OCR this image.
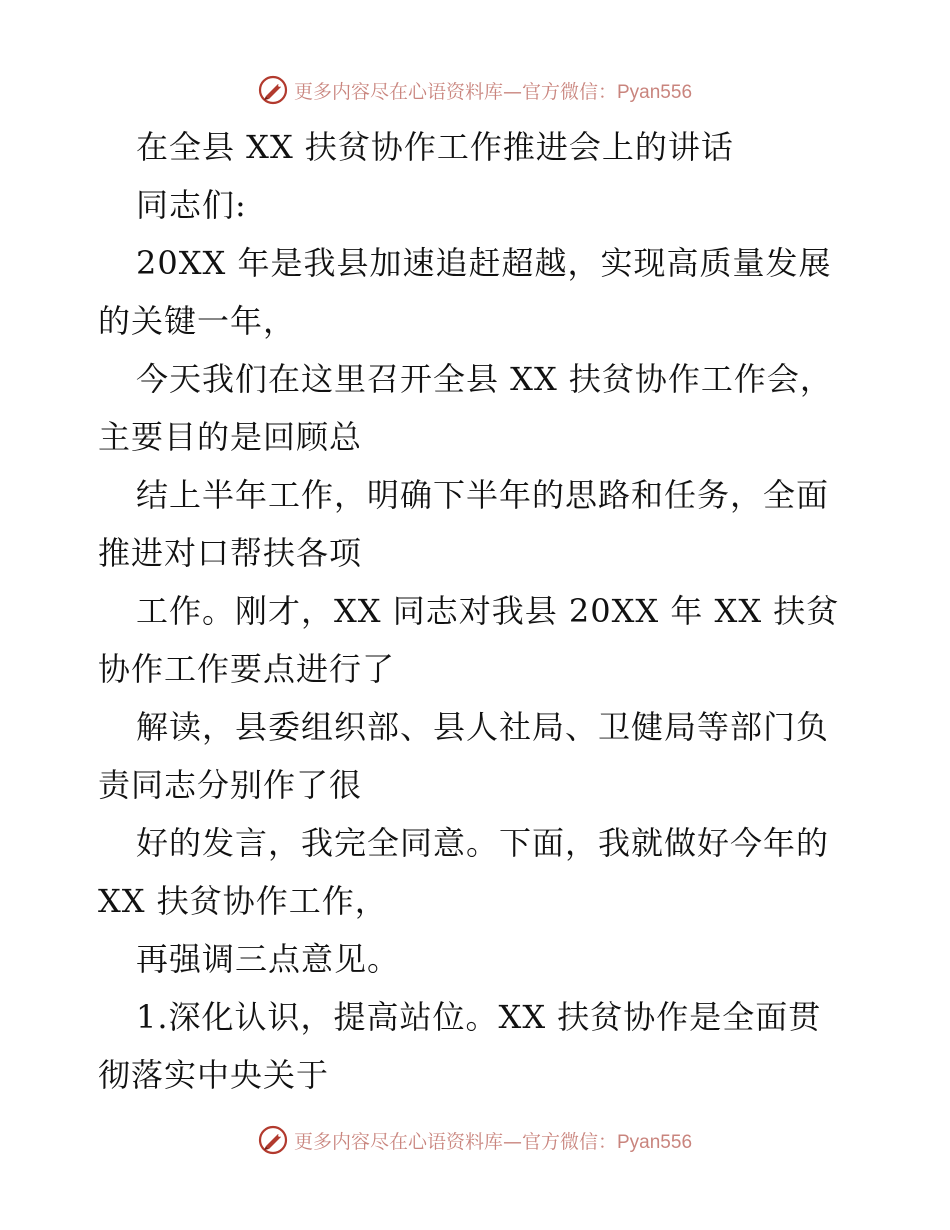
更多内容尽在心语资料库—官方微信：Pyan556
在全县 XX 扶贫协作工作推进会上的讲话
同志们:
20XX 年是我县加速追赶超越，实现高质量发展
的关键一年，
今天我们在这里召开全县 XX 扶贫协作工作会，
主要目的是回顾总
结上半年工作，明确下半年的思路和任务，全面
推进对口帮扶各项
工作。刚才，XX 同志对我县 20XX 年 XX 扶贫
协作工作要点进行了
解读，县委组织部、县人社局、卫健局等部门负
责同志分别作了很
好的发言，我完全同意。下面，我就做好今年的
XX 扶贫协作工作，
再强调三点意见。
1.深化认识，提高站位。XX 扶贫协作是全面贯
彻落实中央关于
更多内容尽在心语资料库—官方微信：Pyan556
